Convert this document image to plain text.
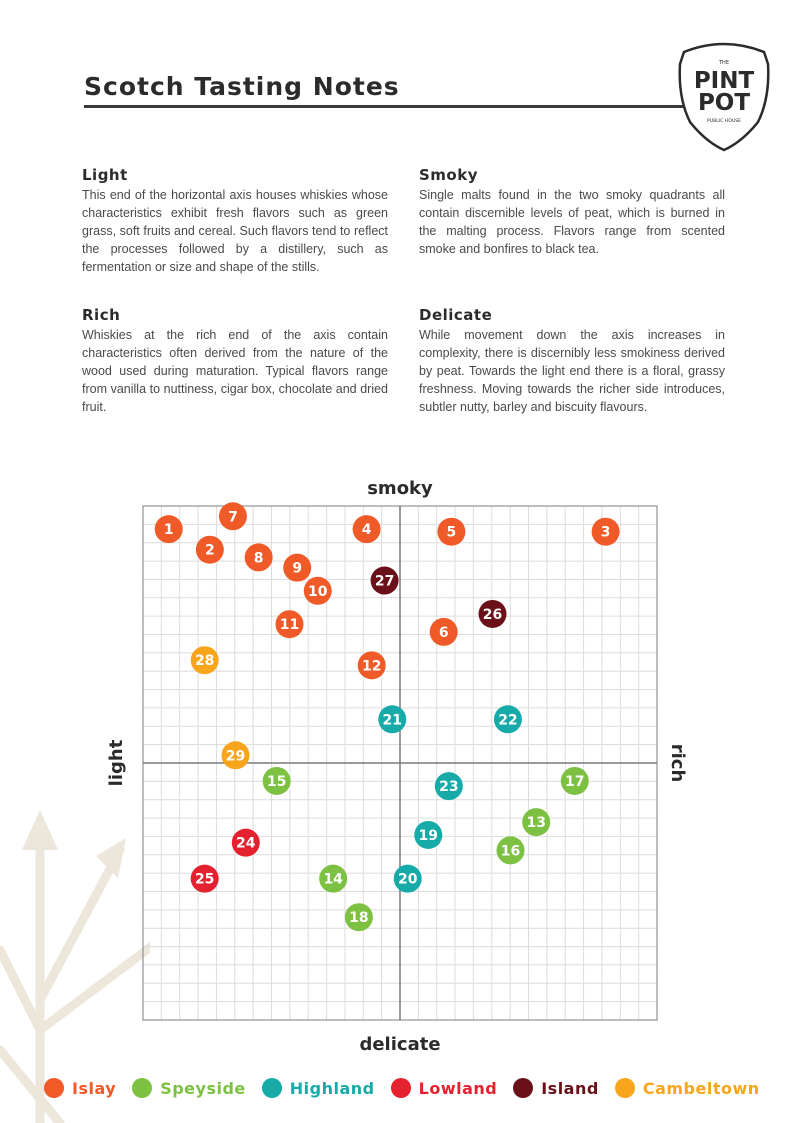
Scotch Tasting Notes
THE
PINT
POT
PUBLIC HOUSE
Light

This end of the horizontal axis houses whiskies whose characteristics exhibit fresh flavors such as green grass, soft fruits and cereal. Such flavors tend to reflect the processes followed by a distillery, such as fermentation or size and shape of the stills.

Smoky

Single malts found in the two smoky quadrants all contain discernible levels of peat, which is burned in the malting process. Flavors range from scented smoke and bonfires to black tea.

Rich

Whiskies at the rich end of the axis contain characteristics often derived from the nature of the wood used during maturation. Typical flavors range from vanilla to nuttiness, cigar box, chocolate and dried fruit.

Delicate

While movement down the axis increases in complexity, there is discernibly less smokiness derived by peat. Towards the light end there is a floral, grassy freshness. Moving towards the richer side introduces, subtler nutty, barley and biscuity flavours.

smoky
delicate
light	rich
1
2
3
4	5
6
7
8
9
10
11
12
13
14
15
16
17
18
19
20
21	22
23
24
25
26
27
28
29
Islay	Speyside	Highland	Lowland	Island	Cambeltown
